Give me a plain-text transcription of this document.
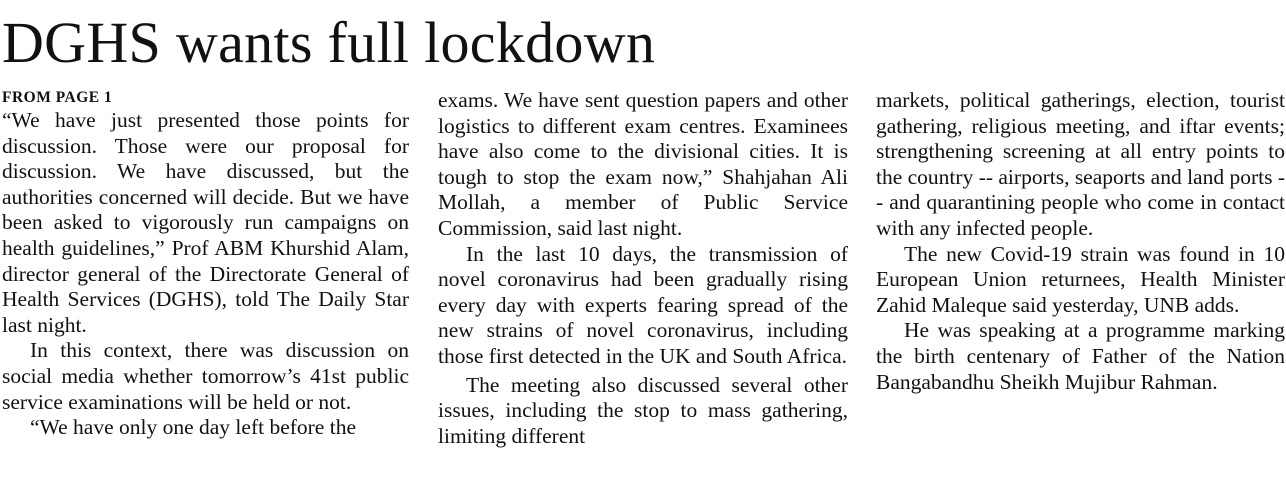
DGHS wants full lockdown
FROM PAGE 1

“We have just presented those points for discussion. Those were our proposal for discussion. We have discussed, but the authorities concerned will decide. But we have been asked to vigorously run campaigns on health guidelines,” Prof ABM Khurshid Alam, director general of the Directorate General of Health Services (DGHS), told The Daily Star last night.

In this context, there was discussion on social media whether tomorrow’s 41st public service examinations will be held or not.

“We have only one day left before the

exams. We have sent question papers and other logistics to different exam centres. Examinees have also come to the divisional cities. It is tough to stop the exam now,” Shahjahan Ali Mollah, a member of Public Service Commission, said last night.

In the last 10 days, the transmission of novel coronavirus had been gradually rising every day with experts fearing spread of the new strains of novel coronavirus, including those first detected in the UK and South Africa.

The meeting also discussed several other issues, including the stop to mass gathering, limiting different

markets, political gatherings, election, tourist gathering, religious meeting, and iftar events; strengthening screening at all entry points to the country -- airports, seaports and land ports -- and quarantining people who come in contact with any infected people.

The new Covid-19 strain was found in 10 European Union returnees, Health Minister Zahid Maleque said yesterday, UNB adds.

He was speaking at a programme marking the birth centenary of Father of the Nation Bangabandhu Sheikh Mujibur Rahman.
